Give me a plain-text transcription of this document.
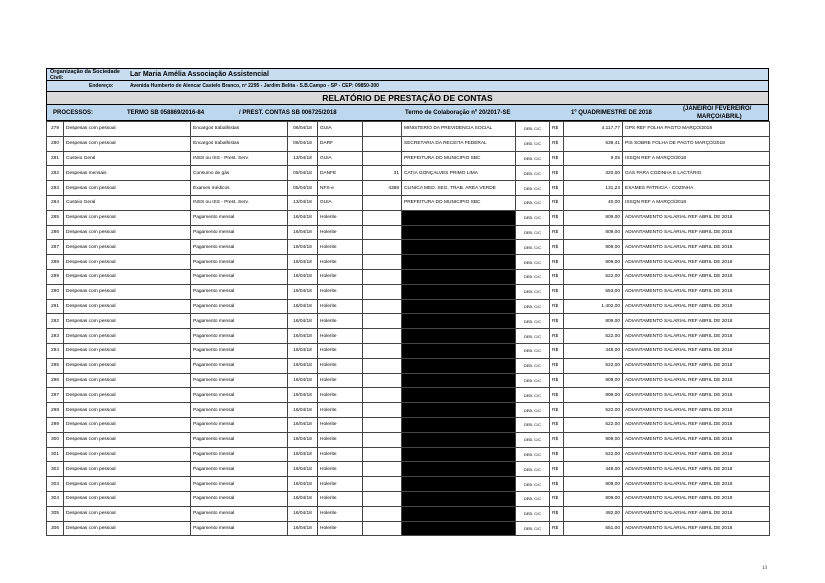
Organização da Sociedade Civil:	Lar Maria Amélia Associação Assistencial
Endereço:	Avenida Humberto de Alencar Castelo Branco, nº 2295 - Jardim Belita - S.B.Campo - SP - CEP: 09850-300
RELATÓRIO DE PRESTAÇÃO DE CONTAS
PROCESSOS:	TERMO SB 058869/2016-84	/ PREST. CONTAS SB 006725/2018	Termo de Colaboração nº 20/2017-SE	1º QUADRIMESTRE DE 2018
(JANEIRO/ FEVEREIRO/
MARÇO/ABRIL)
279	Despesas com pessoal	Encargos trabalhistas	06/04/18	GUIA		MINISTERIO DA PREVIDENCIA SOCIAL	DEB. C/C	R$	4.117,77	GPS REF FOLHA PAGTO MARÇO/2018
280	Despesas com pessoal	Encargos trabalhistas	06/04/18	DARF		SECRETARIA DA RECEITA FEDERAL	DEB. C/C	R$	639,41	PIS SOBRE FOLHA DE PAGTO MARÇO/2018
281	Custeio Geral	INSS ou ISS - Prest. Serv.	13/04/18	GUIA		PREFEITURA DO MUNICIPIO SBC	DEB. C/C	R$	9,05	ISSQN REF A MARÇO/2018
282	Despesas mensais	Consumo de gás	05/04/18	DANFE	31	CATIA GONÇALVES PRIMO LIMA	DEB. C/C	R$	320,00	GAS PARA COZINHA E LACTÁRIO
283	Despesas com pessoal	Exames médicos	05/04/18	NFS-e	4388	CLINICA MED. SEG. TRAB. AREA VERDE	DEB. C/C	R$	131,23	EXAMES PATRICIA - COZINHA
284	Custeio Geral	INSS ou ISS - Prest. Serv.	13/04/18	GUIA		PREFEITURA DO MUNICIPIO SBC	DEB. C/C	R$	40,00	ISSQN REF A MARÇO/2018
285	Despesas com pessoal	Pagamento mensal	16/04/18	Holerite			DEB. C/C	R$	809,00	ADIANTAMENTO SALARIAL REF ABRIL DE 2018
286	Despesas com pessoal	Pagamento mensal	16/04/18	Holerite			DEB. C/C	R$	809,00	ADIANTAMENTO SALARIAL REF ABRIL DE 2018
287	Despesas com pessoal	Pagamento mensal	16/04/18	Holerite			DEB. C/C	R$	809,00	ADIANTAMENTO SALARIAL REF ABRIL DE 2018
288	Despesas com pessoal	Pagamento mensal	16/04/18	Holerite			DEB. C/C	R$	809,00	ADIANTAMENTO SALARIAL REF ABRIL DE 2018
289	Despesas com pessoal	Pagamento mensal	16/04/18	Holerite			DEB. C/C	R$	522,00	ADIANTAMENTO SALARIAL REF ABRIL DE 2018
290	Despesas com pessoal	Pagamento mensal	16/04/18	Holerite			DEB. C/C	R$	553,00	ADIANTAMENTO SALARIAL REF ABRIL DE 2018
291	Despesas com pessoal	Pagamento mensal	16/04/18	Holerite			DEB. C/C	R$	1.402,00	ADIANTAMENTO SALARIAL REF ABRIL DE 2018
292	Despesas com pessoal	Pagamento mensal	16/04/18	Holerite			DEB. C/C	R$	809,00	ADIANTAMENTO SALARIAL REF ABRIL DE 2018
293	Despesas com pessoal	Pagamento mensal	16/04/18	Holerite			DEB. C/C	R$	522,00	ADIANTAMENTO SALARIAL REF ABRIL DE 2018
294	Despesas com pessoal	Pagamento mensal	16/04/18	Holerite			DEB. C/C	R$	448,00	ADIANTAMENTO SALARIAL REF ABRIL DE 2018
295	Despesas com pessoal	Pagamento mensal	16/04/18	Holerite			DEB. C/C	R$	522,00	ADIANTAMENTO SALARIAL REF ABRIL DE 2018
296	Despesas com pessoal	Pagamento mensal	16/04/18	Holerite			DEB. C/C	R$	809,00	ADIANTAMENTO SALARIAL REF ABRIL DE 2018
297	Despesas com pessoal	Pagamento mensal	16/04/18	Holerite			DEB. C/C	R$	809,00	ADIANTAMENTO SALARIAL REF ABRIL DE 2018
298	Despesas com pessoal	Pagamento mensal	16/04/18	Holerite			DEB. C/C	R$	522,00	ADIANTAMENTO SALARIAL REF ABRIL DE 2018
299	Despesas com pessoal	Pagamento mensal	16/04/18	Holerite			DEB. C/C	R$	522,00	ADIANTAMENTO SALARIAL REF ABRIL DE 2018
300	Despesas com pessoal	Pagamento mensal	16/04/18	Holerite			DEB. C/C	R$	809,00	ADIANTAMENTO SALARIAL REF ABRIL DE 2018
301	Despesas com pessoal	Pagamento mensal	16/04/18	Holerite			DEB. C/C	R$	522,00	ADIANTAMENTO SALARIAL REF ABRIL DE 2018
302	Despesas com pessoal	Pagamento mensal	16/04/18	Holerite			DEB. C/C	R$	448,00	ADIANTAMENTO SALARIAL REF ABRIL DE 2018
303	Despesas com pessoal	Pagamento mensal	16/04/18	Holerite			DEB. C/C	R$	809,00	ADIANTAMENTO SALARIAL REF ABRIL DE 2018
304	Despesas com pessoal	Pagamento mensal	16/04/18	Holerite			DEB. C/C	R$	809,00	ADIANTAMENTO SALARIAL REF ABRIL DE 2018
305	Despesas com pessoal	Pagamento mensal	16/04/18	Holerite			DEB. C/C	R$	482,00	ADIANTAMENTO SALARIAL REF ABRIL DE 2018
306	Despesas com pessoal	Pagamento mensal	16/04/18	Holerite			DEB. C/C	R$	551,00	ADIANTAMENTO SALARIAL REF ABRIL DE 2018
13
